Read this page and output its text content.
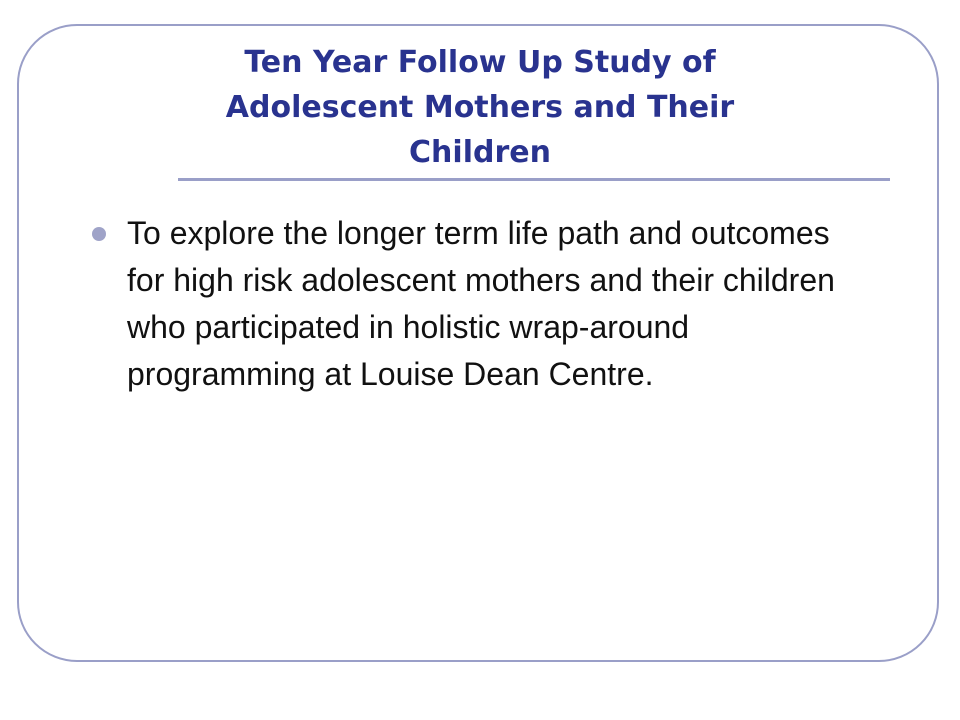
Ten Year Follow Up Study of Adolescent Mothers and Their Children
To explore the longer term life path and outcomes for high risk adolescent mothers and their children who participated in holistic wrap-around programming at Louise Dean Centre.
